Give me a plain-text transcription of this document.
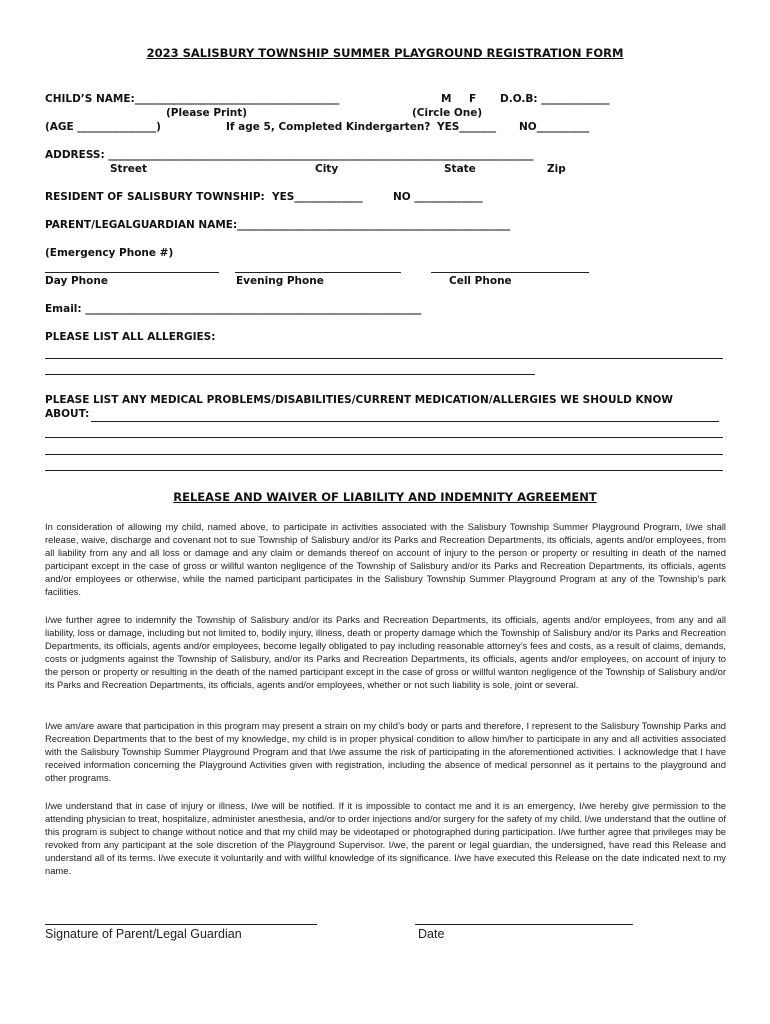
2023 SALISBURY TOWNSHIP SUMMER PLAYGROUND REGISTRATION FORM
CHILD’S NAME:_______________________________________	M F D.O.B: _____________
(Please Print)	(Circle One)
(AGE _______________)	If age 5, Completed Kindergarten? YES_______ NO__________
ADDRESS: _________________________________________________________________________________
Street	City	State	Zip
RESIDENT OF SALISBURY TOWNSHIP: YES_____________	NO _____________
PARENT/LEGALGUARDIAN NAME:____________________________________________________
(Emergency Phone #)
Day Phone	Evening Phone	Cell Phone
Email: ________________________________________________________________
PLEASE LIST ALL ALLERGIES:
PLEASE LIST ANY MEDICAL PROBLEMS/DISABILITIES/CURRENT MEDICATION/ALLERGIES WE SHOULD KNOW
ABOUT:
RELEASE AND WAIVER OF LIABILITY AND INDEMNITY AGREEMENT
In consideration of allowing my child, named above, to participate in activities associated with the Salisbury Township Summer Playground Program, I/we shall release, waive, discharge and covenant not to sue Township of Salisbury and/or its Parks and Recreation Departments, its officials, agents and/or employees, from all liability from any and all loss or damage and any claim or demands thereof on account of injury to the person or property or resulting in death of the named participant except in the case of gross or willful wanton negligence of the Township of Salisbury and/or its Parks and Recreation Departments, its officials, agents and/or employees or otherwise, while the named participant participates in the Salisbury Township Summer Playground Program at any of the Township’s park facilities.
I/we further agree to indemnify the Township of Salisbury and/or its Parks and Recreation Departments, its officials, agents and/or employees, from any and all liability, loss or damage, including but not limited to, bodily injury, illness, death or property damage which the Township of Salisbury and/or its Parks and Recreation Departments, its officials, agents and/or employees, become legally obligated to pay including reasonable attorney’s fees and costs, as a result of claims, demands, costs or judgments against the Township of Salisbury, and/or its Parks and Recreation Departments, its officials, agents and/or employees, on account of injury to the person or property or resulting in the death of the named participant except in the case of gross or willful wanton negligence of the Township of Salisbury and/or its Parks and Recreation Departments, its officials, agents and/or employees, whether or not such liability is sole, joint or several.
I/we am/are aware that participation in this program may present a strain on my child’s body or parts and therefore, I represent to the Salisbury Township Parks and Recreation Departments that to the best of my knowledge, my child is in proper physical condition to allow him/her to participate in any and all activities associated with the Salisbury Township Summer Playground Program and that I/we assume the risk of participating in the aforementioned activities. I acknowledge that I have received information concerning the Playground Activities given with registration, including the absence of medical personnel as it pertains to the playground and other programs.
I/we understand that in case of injury or illness, I/we will be notified. If it is impossible to contact me and it is an emergency, I/we hereby give permission to the attending physician to treat, hospitalize, administer anesthesia, and/or to order injections and/or surgery for the safety of my child. I/we understand that the outline of this program is subject to change without notice and that my child may be videotaped or photographed during participation. I/we further agree that privileges may be revoked from any participant at the sole discretion of the Playground Supervisor. I/we, the parent or legal guardian, the undersigned, have read this Release and understand all of its terms. I/we execute it voluntarily and with willful knowledge of its significance. I/we have executed this Release on the date indicated next to my name.
Signature of Parent/Legal Guardian	Date
